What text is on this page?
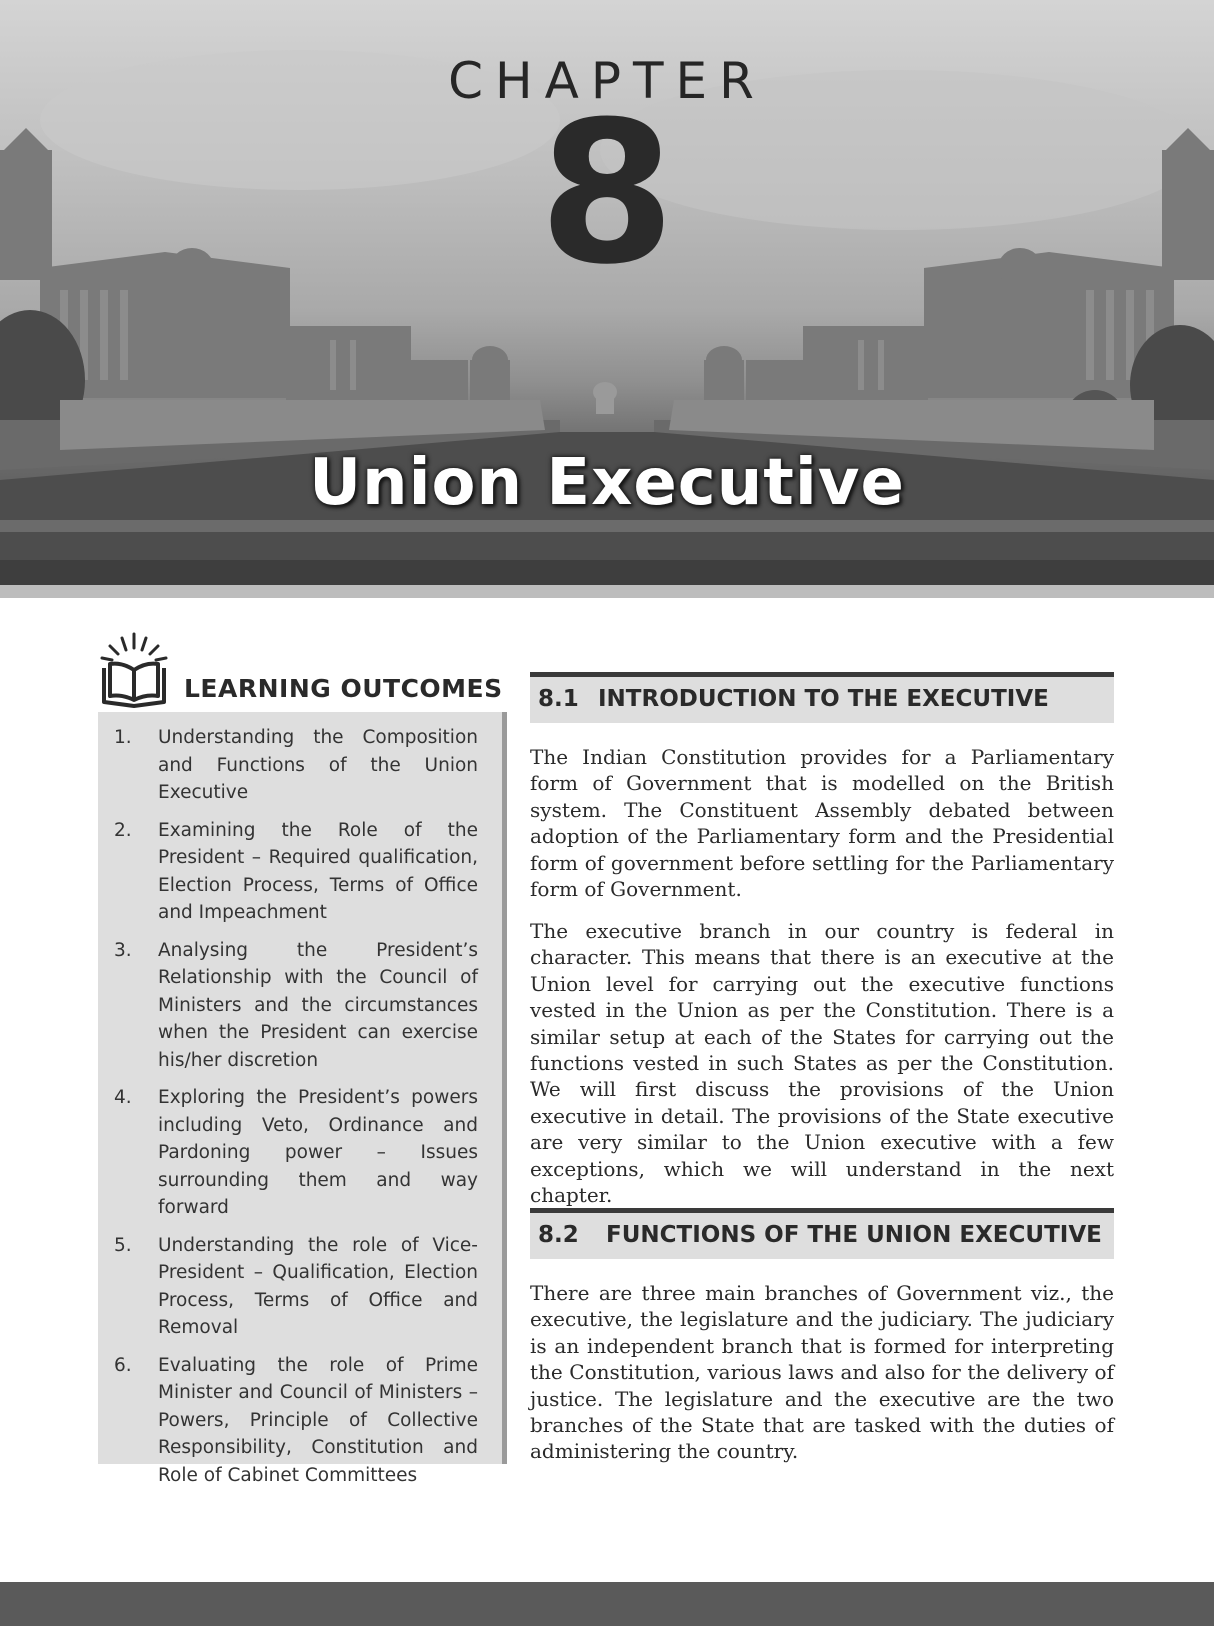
CHAPTER
8
Union Executive
LEARNING OUTCOMES
1. Understanding the Composition and Functions of the Union Executive
2. Examining the Role of the President – Required qualification, Election Process, Terms of Office and Impeachment
3. Analysing the President’s Relationship with the Council of Ministers and the circumstances when the President can exercise his/her discretion
4. Exploring the President’s powers including Veto, Ordinance and Pardoning power – Issues surrounding them and way forward
5. Understanding the role of Vice-President – Qualification, Election Process, Terms of Office and Removal
6. Evaluating the role of Prime Minister and Council of Ministers – Powers, Principle of Collective Responsibility, Constitution and Role of Cabinet Committees
8.1 INTRODUCTION TO THE EXECUTIVE

The Indian Constitution provides for a Parliamentary form of Government that is modelled on the British system. The Constituent Assembly debated between adoption of the Parliamentary form and the Presidential form of government before settling for the Parliamentary form of Government.

The executive branch in our country is federal in character. This means that there is an executive at the Union level for carrying out the executive functions vested in the Union as per the Constitution. There is a similar setup at each of the States for carrying out the functions vested in such States as per the Constitution. We will first discuss the provisions of the Union executive in detail. The provisions of the State executive are very similar to the Union executive with a few exceptions, which we will understand in the next chapter.

8.2 FUNCTIONS OF THE UNION EXECUTIVE

There are three main branches of Government viz., the executive, the legislature and the judiciary. The judiciary is an independent branch that is formed for interpreting the Constitution, various laws and also for the delivery of justice. The legislature and the executive are the two branches of the State that are tasked with the duties of administering the country.
